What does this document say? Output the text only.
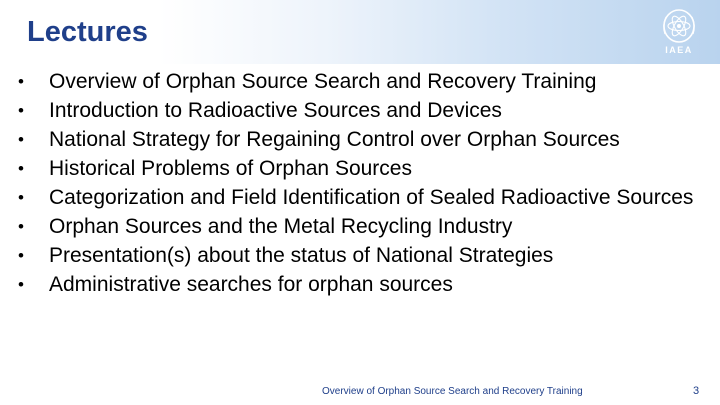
Lectures
IAEA
• Overview of Orphan Source Search and Recovery Training
• Introduction to Radioactive Sources and Devices
• National Strategy for Regaining Control over Orphan Sources
• Historical Problems of Orphan Sources
• Categorization and Field Identification of Sealed Radioactive Sources
• Orphan Sources and the Metal Recycling Industry
• Presentation(s) about the status of National Strategies
• Administrative searches for orphan sources
Overview of Orphan Source Search and Recovery Training	3
